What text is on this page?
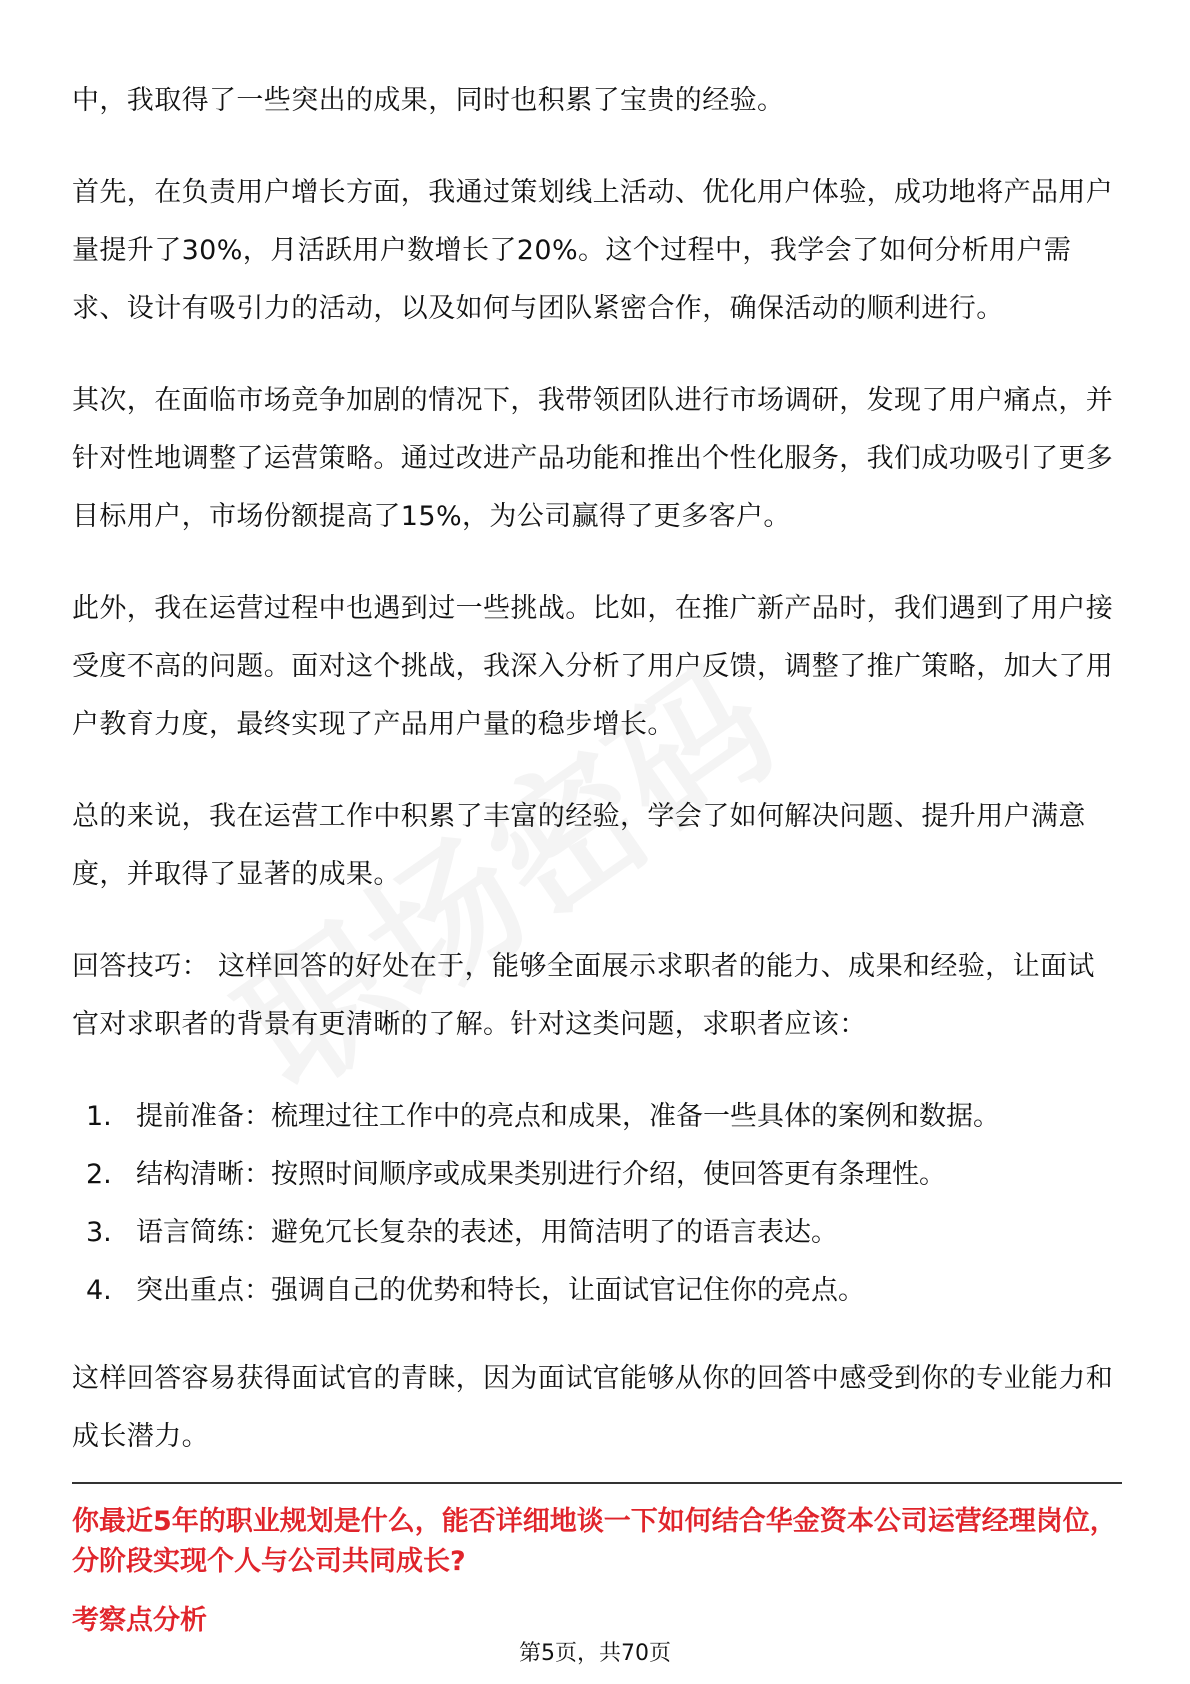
中，我取得了一些突出的成果，同时也积累了宝贵的经验。

首先，在负责用户增长方面，我通过策划线上活动、优化用户体验，成功地将产品用户量提升了30%，月活跃用户数增长了20%。这个过程中，我学会了如何分析用户需求、设计有吸引力的活动，以及如何与团队紧密合作，确保活动的顺利进行。

其次，在面临市场竞争加剧的情况下，我带领团队进行市场调研，发现了用户痛点，并针对性地调整了运营策略。通过改进产品功能和推出个性化服务，我们成功吸引了更多目标用户，市场份额提高了15%，为公司赢得了更多客户。

此外，我在运营过程中也遇到过一些挑战。比如，在推广新产品时，我们遇到了用户接受度不高的问题。面对这个挑战，我深入分析了用户反馈，调整了推广策略，加大了用户教育力度，最终实现了产品用户量的稳步增长。

总的来说，我在运营工作中积累了丰富的经验，学会了如何解决问题、提升用户满意度，并取得了显著的成果。

回答技巧： 这样回答的好处在于，能够全面展示求职者的能力、成果和经验，让面试官对求职者的背景有更清晰的了解。针对这类问题，求职者应该：

1. 提前准备：梳理过往工作中的亮点和成果，准备一些具体的案例和数据。
2. 结构清晰：按照时间顺序或成果类别进行介绍，使回答更有条理性。
3. 语言简练：避免冗长复杂的表述，用简洁明了的语言表达。
4. 突出重点：强调自己的优势和特长，让面试官记住你的亮点。

这样回答容易获得面试官的青睐，因为面试官能够从你的回答中感受到你的专业能力和成长潜力。

你最近5年的职业规划是什么，能否详细地谈一下如何结合华金资本公司运营经理岗位，分阶段实现个人与公司共同成长?

考察点分析

第5页，共70页
